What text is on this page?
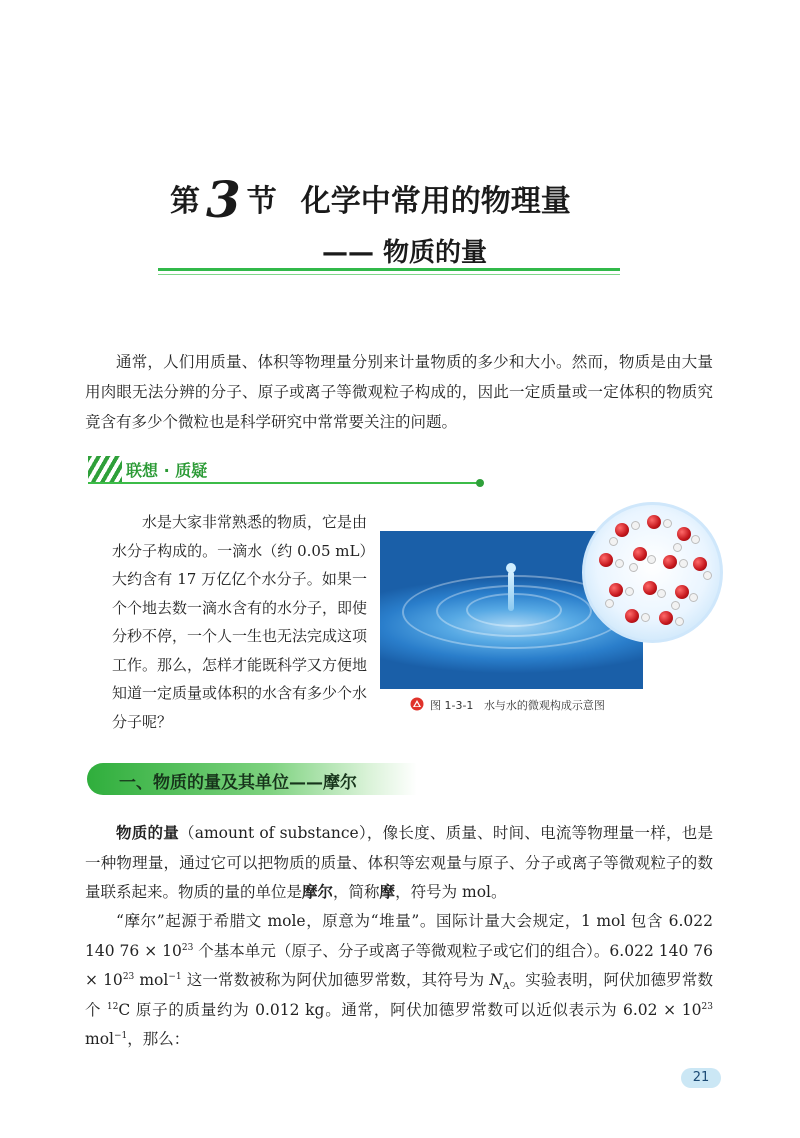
第 3 节 化学中常用的物理量
—— 物质的量
通常，人们用质量、体积等物理量分别来计量物质的多少和大小。然而，物质是由大量用肉眼无法分辨的分子、原子或离子等微观粒子构成的，因此一定质量或一定体积的物质究竟含有多少个微粒也是科学研究中常常要关注的问题。
联想 · 质疑
水是大家非常熟悉的物质，它是由水分子构成的。一滴水（约 0.05 mL）大约含有 17 万亿亿个水分子。如果一个个地去数一滴水含有的水分子，即使分秒不停，一个人一生也无法完成这项工作。那么，怎样才能既科学又方便地知道一定质量或体积的水含有多少个水分子呢？
图 1-3-1 水与水的微观构成示意图
一、物质的量及其单位——摩尔
物质的量（amount of substance），像长度、质量、时间、电流等物理量一样，也是一种物理量，通过它可以把物质的质量、体积等宏观量与原子、分子或离子等微观粒子的数量联系起来。物质的量的单位是摩尔，简称摩，符号为 mol。
“摩尔”起源于希腊文 mole，原意为“堆量”。国际计量大会规定，1 mol 包含 6.022 140 $76 \times 10^{23}$ 个基本单元（原子、分子或离子等微观粒子或它们的组合）。6.022 140 $76 \times 10^{23}$ mol$^{-1}$ 这一常数被称为阿伏加德罗常数，其符号为 $N_A$。实验表明，阿伏加德罗常数个 $^{12}$C 原子的质量约为 0.012 kg。通常，阿伏加德罗常数可以近似表示为 $6.02 \times 10^{23}$ mol$^{-1}$，那么：
21
